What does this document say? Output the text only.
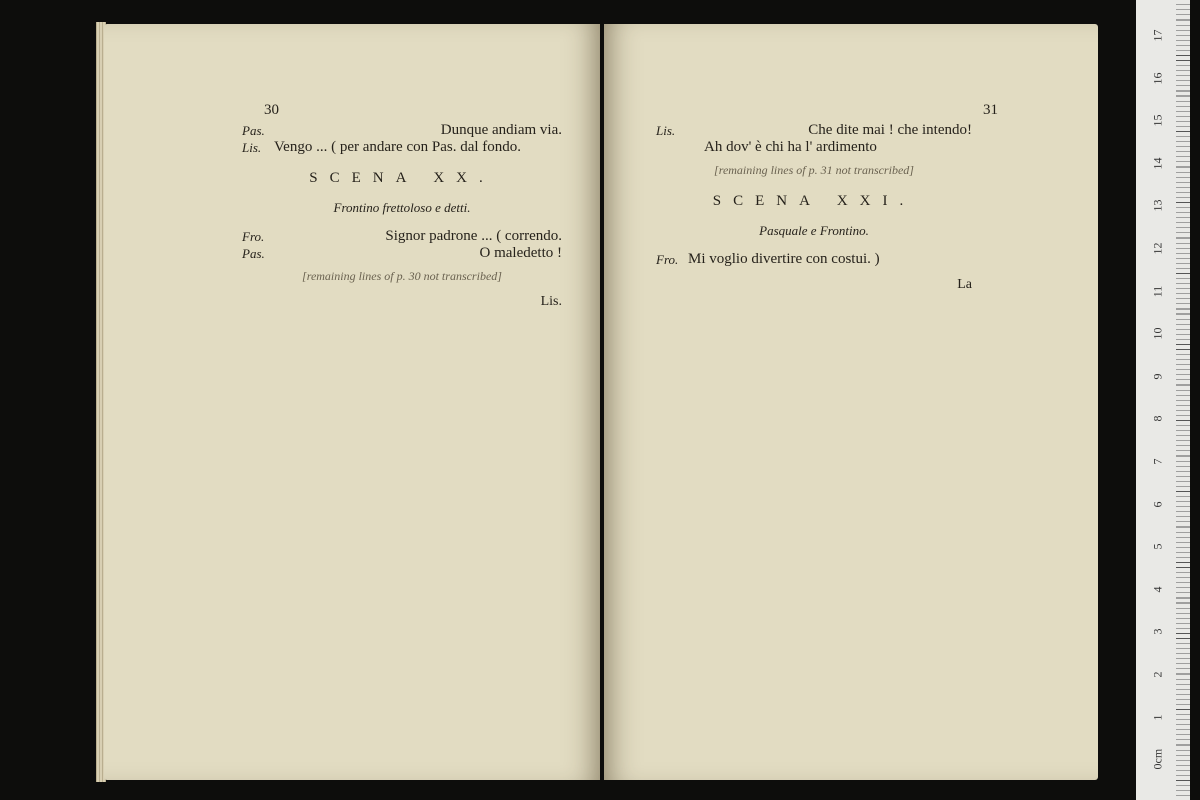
30
Pas.	Dunque andiam via.
Lis. Vengo ... ( per andare con Pas. dal fondo.
SCENA XX.
Frontino frettoloso e detti.
Fro.	Signor padrone ... ( correndo.
Pas.	O maledetto !
[remaining lines of p. 30 not transcribed]
Lis.
31
Lis.	Che dite mai ! che intendo!
Ah dov' è chi ha l' ardimento
[remaining lines of p. 31 not transcribed]
SCENA XXI.
Pasquale e Frontino.
Fro. Mi voglio divertire con costui. )
La
17
16
15
14
13
12
11
10
9
8
7
6
5
4
3
2
1
0cm
